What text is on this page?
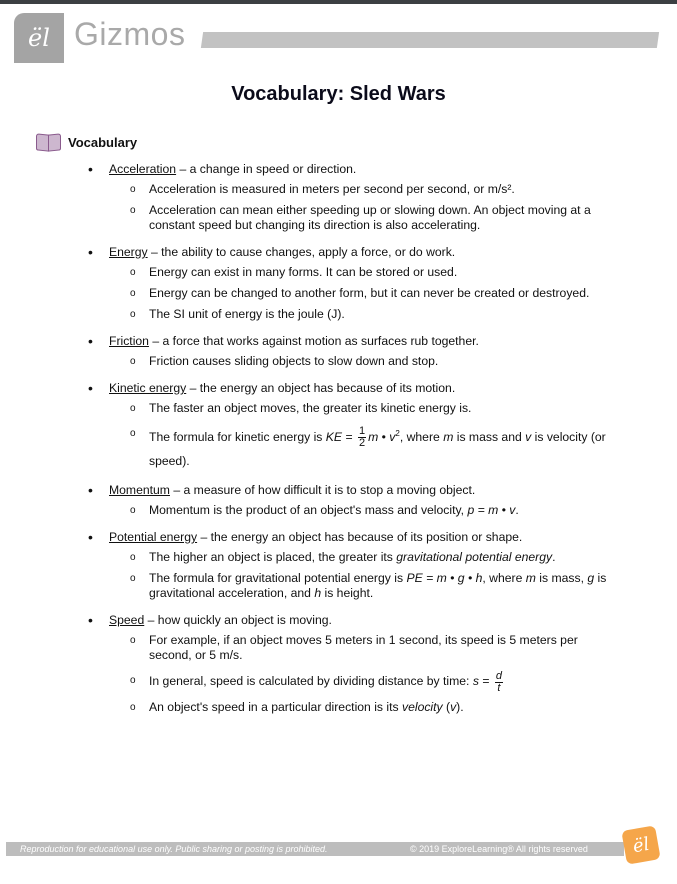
ël Gizmos
Vocabulary: Sled Wars
Vocabulary
• Acceleration – a change in speed or direction.
o Acceleration is measured in meters per second per second, or m/s².
o Acceleration can mean either speeding up or slowing down. An object moving at a constant speed but changing its direction is also accelerating.
• Energy – the ability to cause changes, apply a force, or do work.
o Energy can exist in many forms. It can be stored or used.
o Energy can be changed to another form, but it can never be created or destroyed.
o The SI unit of energy is the joule (J).
• Friction – a force that works against motion as surfaces rub together.
o Friction causes sliding objects to slow down and stop.
• Kinetic energy – the energy an object has because of its motion.
o The faster an object moves, the greater its kinetic energy is.
o The formula for kinetic energy is KE = $\frac{1}{2}$ m • $v^2$, where m is mass and v is velocity (or speed).
• Momentum – a measure of how difficult it is to stop a moving object.
o Momentum is the product of an object's mass and velocity, p = m • v.
• Potential energy – the energy an object has because of its position or shape.
o The higher an object is placed, the greater its gravitational potential energy.
o The formula for gravitational potential energy is PE = m • g • h, where m is mass, g is gravitational acceleration, and h is height.
• Speed – how quickly an object is moving.
o For example, if an object moves 5 meters in 1 second, its speed is 5 meters per second, or 5 m/s.
o In general, speed is calculated by dividing distance by time: $s = \frac{d}{t}$
o An object's speed in a particular direction is its velocity (v).
Reproduction for educational use only. Public sharing or posting is prohibited.	© 2019 ExploreLearning® All rights reserved	ël
